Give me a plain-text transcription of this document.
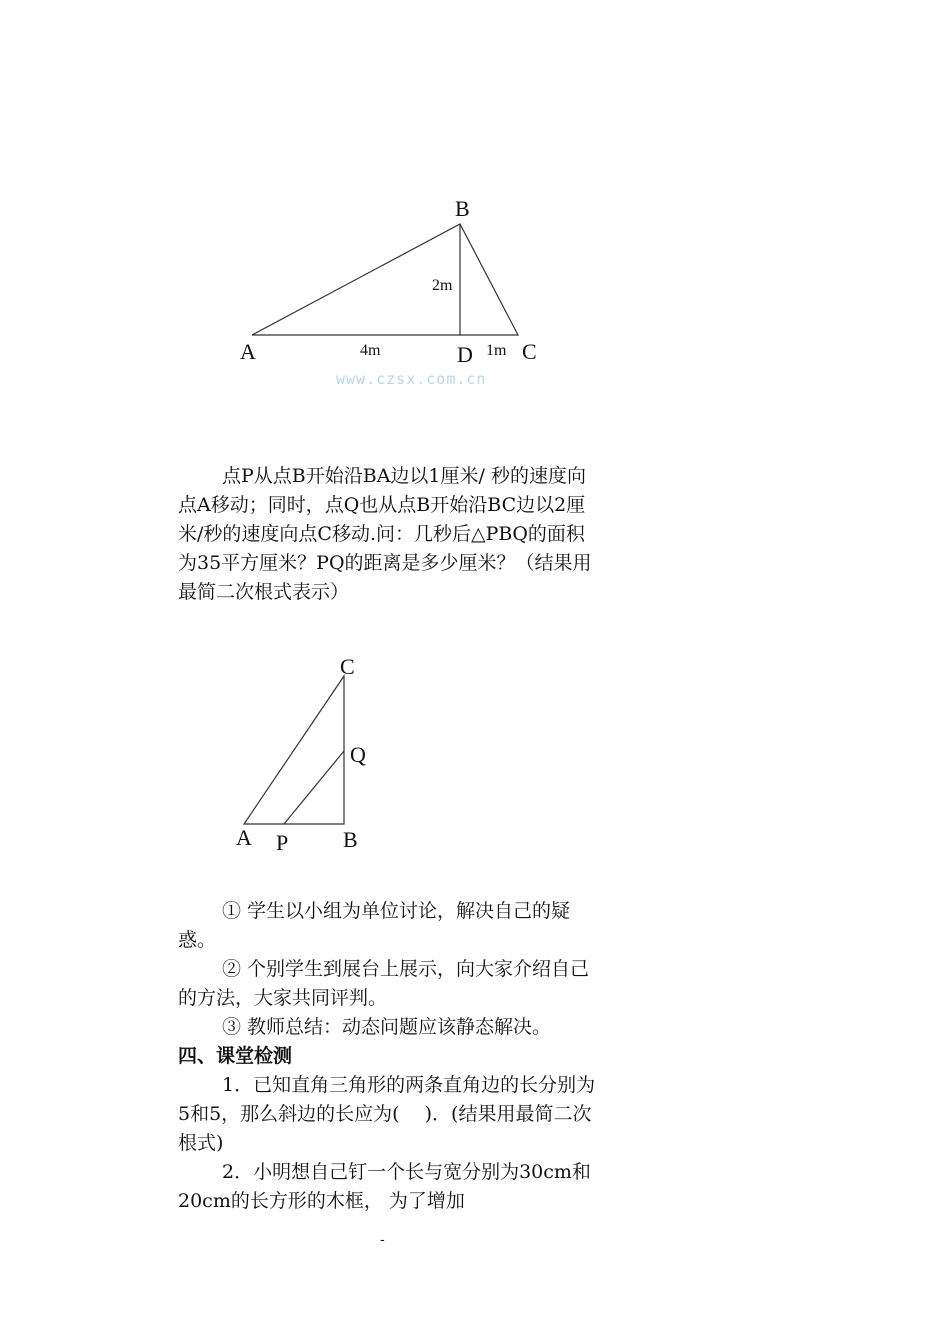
B
A	D C
2m
4m	1m
www.czsx.com.cn

点P从点B开始沿BA边以1厘米/ 秒的速度向点A移动；同时，点Q也从点B开始沿BC边以2厘米/秒的速度向点C移动.问：几秒后△PBQ的面积为35平方厘米？PQ的距离是多少厘米？（结果用最简二次根式表示）

C
Q
A P B

① 学生以小组为单位讨论，解决自己的疑惑。

② 个别学生到展台上展示，向大家介绍自己的方法，大家共同评判。

③ 教师总结：动态问题应该静态解决。

四、课堂检测

1．已知直角三角形的两条直角边的长分别为5和5，那么斜边的长应为(　 )．(结果用最简二次根式)

2．小明想自己钉一个长与宽分别为30cm和20cm的长方形的木框， 为了增加

-
